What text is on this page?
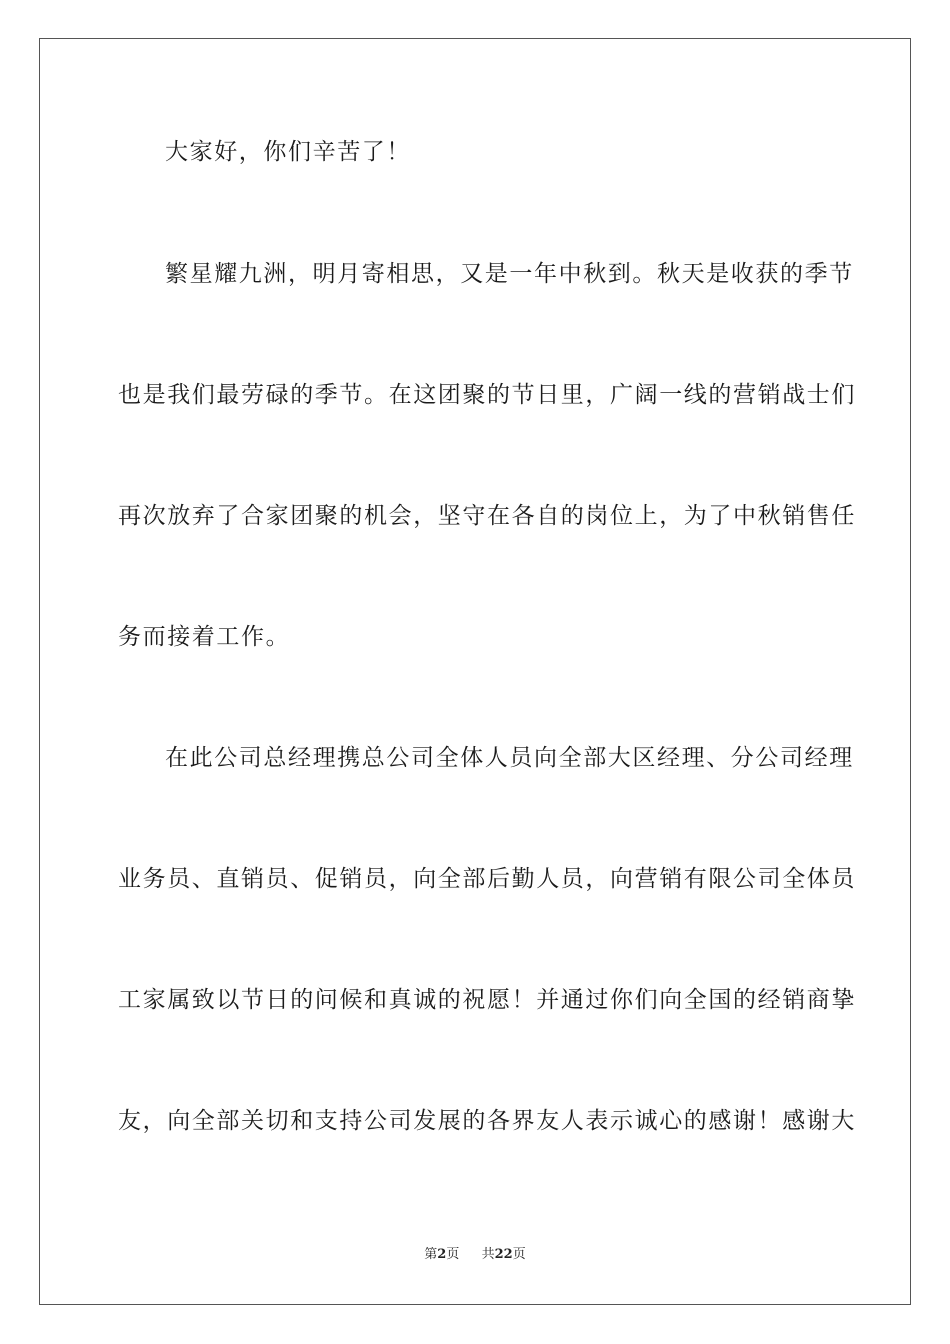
大家好，你们辛苦了！
繁星耀九洲，明月寄相思，又是一年中秋到。秋天是收获的季节
也是我们最劳碌的季节。在这团聚的节日里，广阔一线的营销战士们
再次放弃了合家团聚的机会，坚守在各自的岗位上，为了中秋销售任
务而接着工作。
在此公司总经理携总公司全体人员向全部大区经理、分公司经理
业务员、直销员、促销员，向全部后勤人员，向营销有限公司全体员
工家属致以节日的问候和真诚的祝愿！并通过你们向全国的经销商挚
友，向全部关切和支持公司发展的各界友人表示诚心的感谢！感谢大
第2页 共22页
